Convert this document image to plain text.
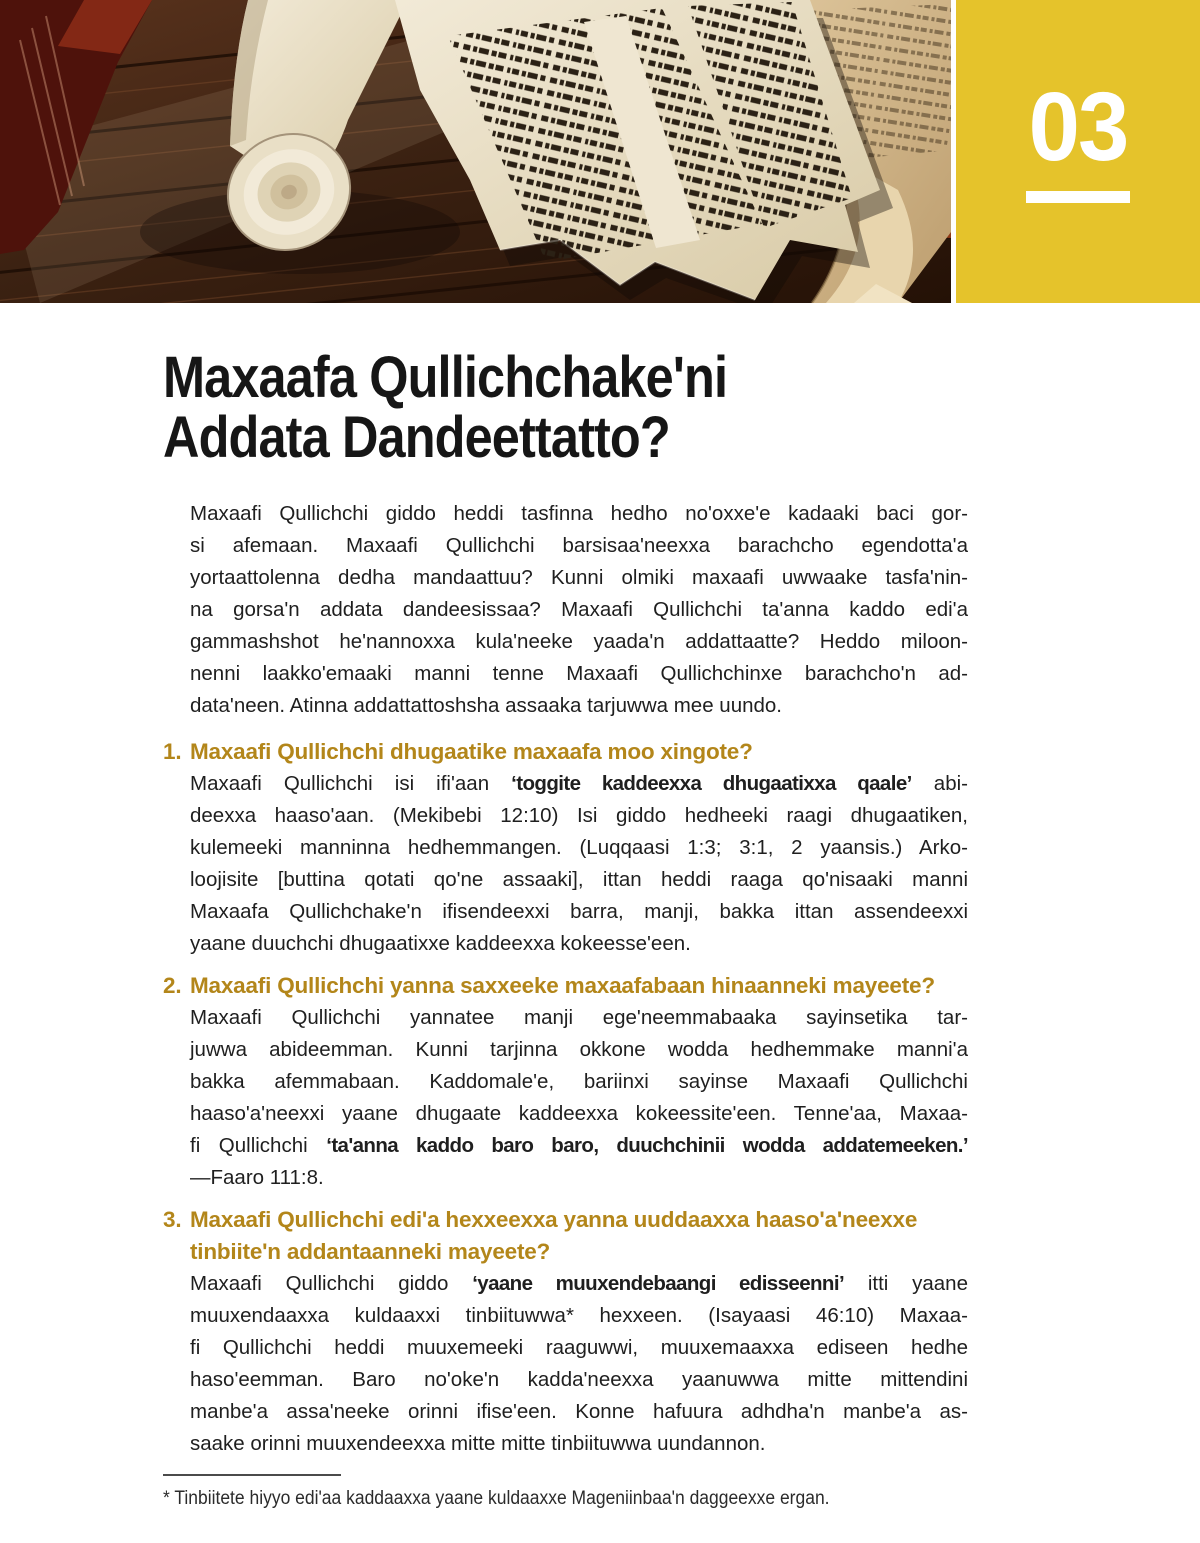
03
Maxaafa Qullichchake'ni
Addata Dandeettatto?
Maxaafi Qullichchi giddo heddi tasfinna hedho no'oxxe'e kadaaki baci gor-
si afemaan. Maxaafi Qullichchi barsisaa'neexxa barachcho egendotta'a
yortaattolenna dedha mandaattuu? Kunni olmiki maxaafi uwwaake tasfa'nin-
na gorsa'n addata dandeesissaa? Maxaafi Qullichchi ta'anna kaddo edi'a
gammashshot he'nannoxxa kula'neeke yaada'n addattaatte? Heddo miloon-
nenni laakko'emaaki manni tenne Maxaafi Qullichchinxe barachcho'n ad-
data'neen. Atinna addattattoshsha assaaka tarjuwwa mee uundo.
1. Maxaafi Qullichchi dhugaatike maxaafa moo xingote?
Maxaafi Qullichchi isi ifi'aan ‘toggite kaddeexxa dhugaatixxa qaale’ abi-
deexxa haaso'aan. (Mekibebi 12:10) Isi giddo hedheeki raagi dhugaatiken,
kulemeeki manninna hedhemmangen. (Luqqaasi 1:3; 3:1, 2 yaansis.) Arko-
loojisite [buttina qotati qo'ne assaaki], ittan heddi raaga qo'nisaaki manni
Maxaafa Qullichchake'n ifisendeexxi barra, manji, bakka ittan assendeexxi
yaane duuchchi dhugaatixxe kaddeexxa kokeesse'een.
2. Maxaafi Qullichchi yanna saxxeeke maxaafabaan hinaanneki mayeete?
Maxaafi Qullichchi yannatee manji ege'neemmabaaka sayinsetika tar-
juwwa abideemman. Kunni tarjinna okkone wodda hedhemmake manni'a
bakka afemmabaan. Kaddomale'e, bariinxi sayinse Maxaafi Qullichchi
haaso'a'neexxi yaane dhugaate kaddeexxa kokeessite'een. Tenne'aa, Maxaa-
fi Qullichchi ‘ta'anna kaddo baro baro, duuchchinii wodda addatemeeken.’
—Faaro 111:8.
3. Maxaafi Qullichchi edi'a hexxeexxa yanna uuddaaxxa haaso'a'neexxe
tinbiite'n addantaanneki mayeete?
Maxaafi Qullichchi giddo ‘yaane muuxendebaangi edisseenni’ itti yaane
muuxendaaxxa kuldaaxxi tinbiituwwa* hexxeen. (Isayaasi 46:10) Maxaa-
fi Qullichchi heddi muuxemeeki raaguwwi, muuxemaaxxa ediseen hedhe
haso'eemman. Baro no'oke'n kadda'neexxa yaanuwwa mitte mittendini
manbe'a assa'neeke orinni ifise'een. Konne hafuura adhdha'n manbe'a as-
saake orinni muuxendeexxa mitte mitte tinbiituwwa uundannon.

* Tinbiitete hiyyo edi'aa kaddaaxxa yaane kuldaaxxe Mageniinbaa'n daggeexxe ergan.
